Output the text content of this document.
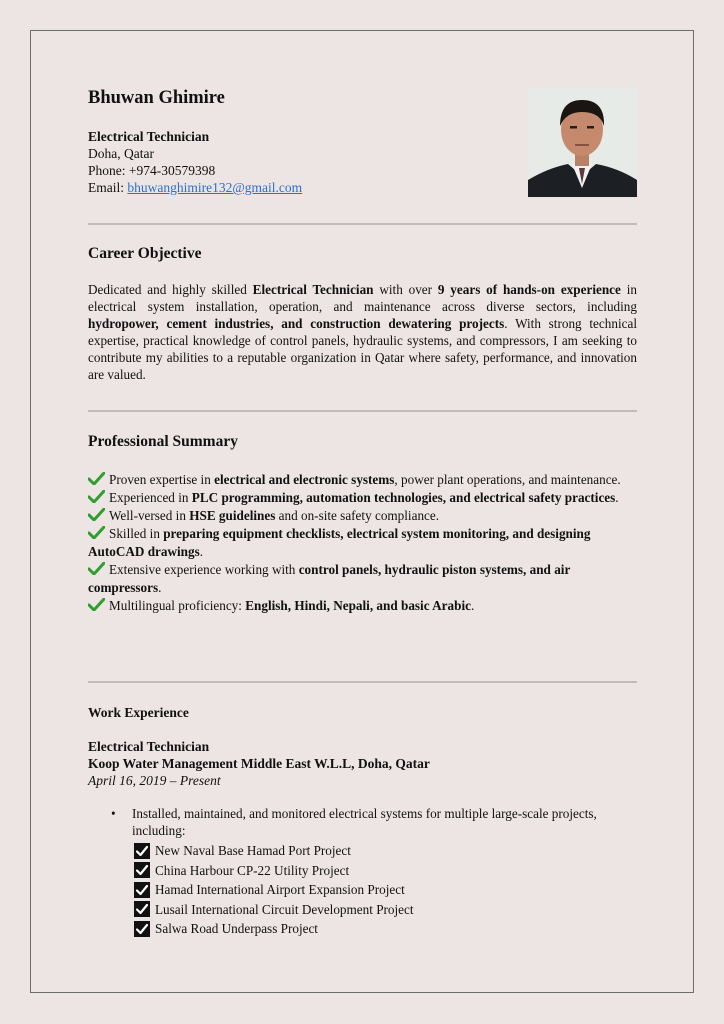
Bhuwan Ghimire
Electrical Technician
Doha, Qatar
Phone: +974-30579398
Email: bhuwanghimire132@gmail.com
Career Objective
Dedicated and highly skilled Electrical Technician with over 9 years of hands-on experience in electrical system installation, operation, and maintenance across diverse sectors, including hydropower, cement industries, and construction dewatering projects. With strong technical expertise, practical knowledge of control panels, hydraulic systems, and compressors, I am seeking to contribute my abilities to a reputable organization in Qatar where safety, performance, and innovation are valued.
Professional Summary

Proven expertise in electrical and electronic systems, power plant operations, and maintenance.

Experienced in PLC programming, automation technologies, and electrical safety practices.

Well-versed in HSE guidelines and on-site safety compliance.

Skilled in preparing equipment checklists, electrical system monitoring, and designing AutoCAD drawings.

Extensive experience working with control panels, hydraulic piston systems, and air compressors.

Multilingual proficiency: English, Hindi, Nepali, and basic Arabic.

Work Experience
Electrical Technician
Koop Water Management Middle East W.L.L, Doha, Qatar
April 16, 2019 – Present
• Installed, maintained, and monitored electrical systems for multiple large-scale projects, including:
New Naval Base Hamad Port Project
China Harbour CP-22 Utility Project
Hamad International Airport Expansion Project
Lusail International Circuit Development Project
Salwa Road Underpass Project
